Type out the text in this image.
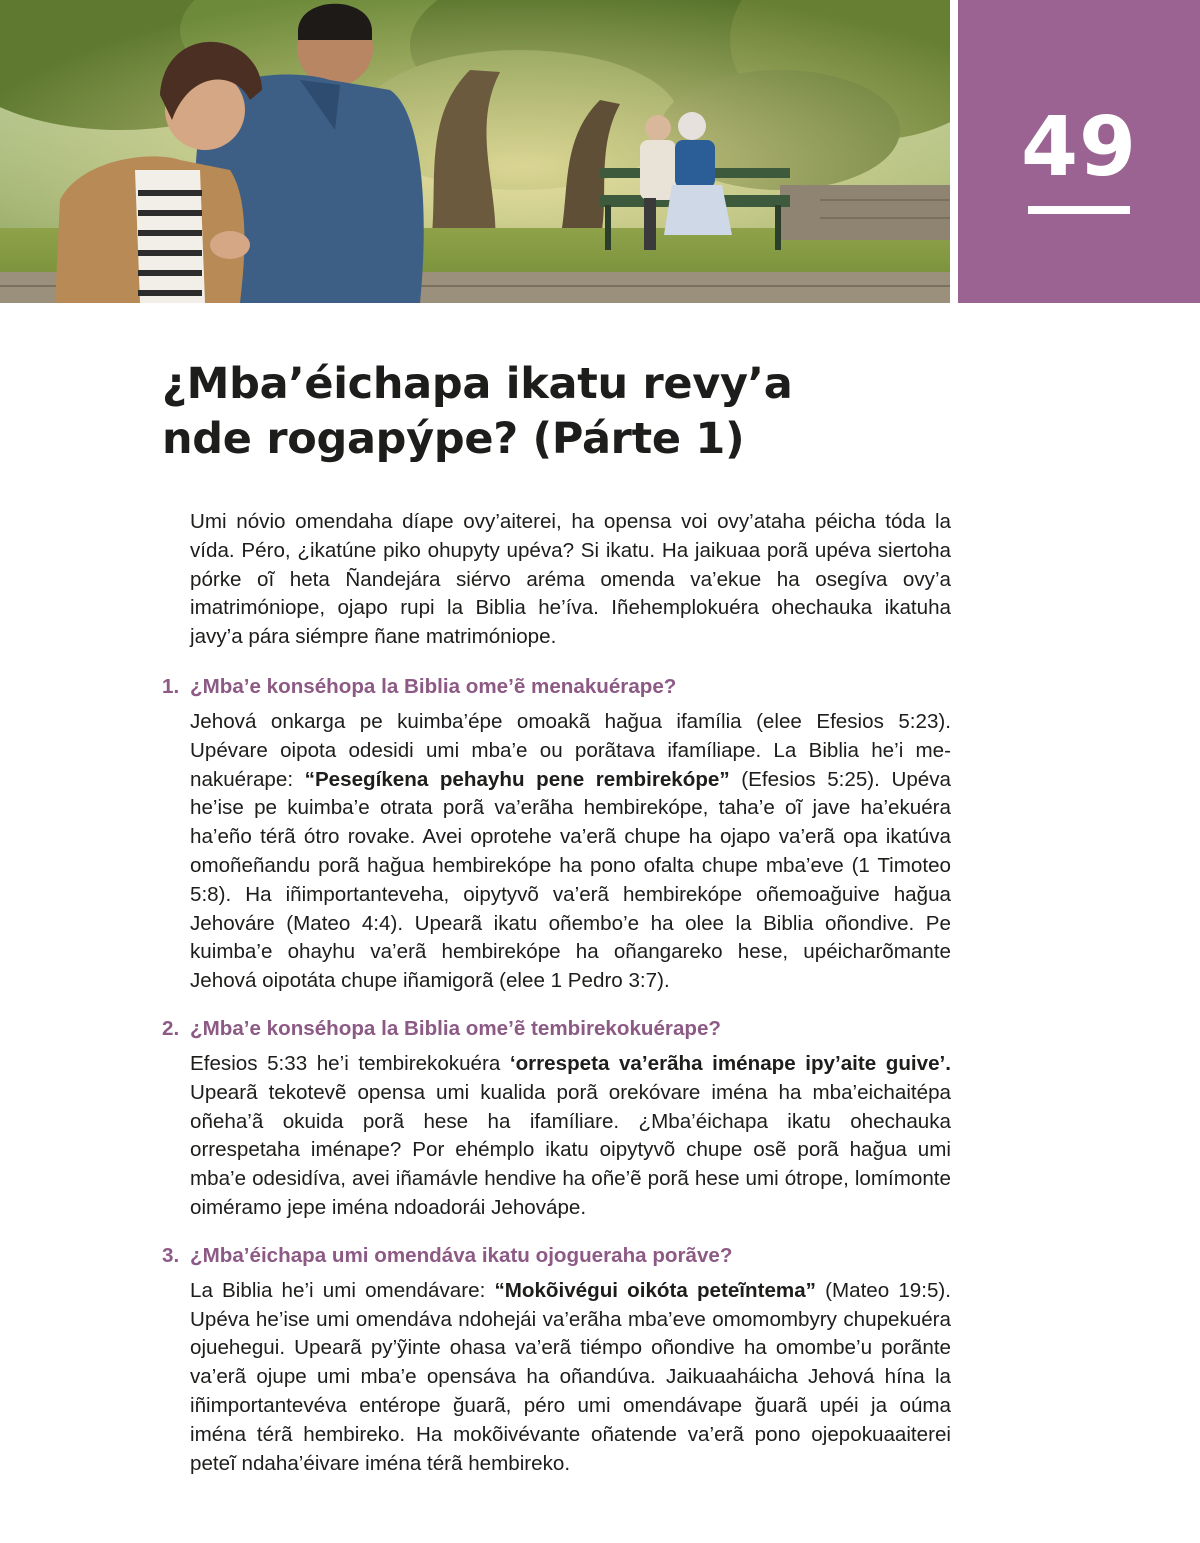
49
¿Mba’éichapa ikatu revy’a
nde rogapýpe? (Párte 1)

Umi nóvio omendaha díape ovy’aiterei, ha opensa voi ovy’ataha péicha tóda la vída. Péro, ¿ikatúne piko ohupyty upéva? Si ikatu. Ha jaikuaa porã upéva siertoha pórke oĩ heta Ñandejára siérvo aréma omenda va’ekue ha osegíva ovy’a imatrimóniope, ojapo rupi la Biblia he’íva. Iñehemplokuéra ohechauka ikatuha javy’a pára siémpre ñane matrimóniope.

1. ¿Mba’e konséhopa la Biblia ome’ẽ menakuérape?

Jehová onkarga pe kuimba’épe omoakã hağua ifamília (elee Efesios 5:23). Upévare oipota odesidi umi mba’e ou porãtava ifamíliape. La Biblia he’i menakuérape: “Pesegíkena pehayhu pene rembirekópe” (Efesios 5:25). Upéva he’ise pe kuimba’e otrata porã va’erãha hembirekópe, taha’e oĩ jave ha’ekuéra ha’eño térã ótro rovake. Avei oprotehe va’erã chupe ha ojapo va’erã opa ikatúva omoñeñandu porã hağua hembirekópe ha pono ofalta chupe mba’eve (1 Timoteo 5:8). Ha iñimportanteveha, oipytyvõ va’erã hembirekópe oñemoağuive hağua Jehováre (Mateo 4:4). Upearã ikatu oñembo’e ha olee la Biblia oñondive. Pe kuimba’e ohayhu va’erã hembirekópe ha oñangareko hese, upéicharõmante Jehová oipotáta chupe iñamigorã (elee 1 Pedro 3:7).

2. ¿Mba’e konséhopa la Biblia ome’ẽ tembirekokuérape?

Efesios 5:33 he’i tembirekokuéra ‘orrespeta va’erãha iménape ipy’aite guive’. Upearã tekotevẽ opensa umi kualida porã orekóvare iména ha mba’eichaitépa oñeha’ã okuida porã hese ha ifamíliare. ¿Mba’éichapa ikatu ohechauka orrespetaha iménape? Por ehémplo ikatu oipytyvõ chupe osẽ porã hağua umi mba’e odesidíva, avei iñamávle hendive ha oñe’ẽ porã hese umi ótrope, lomímonte oiméramo jepe iména ndoadorái Jehovápe.

3. ¿Mba’éichapa umi omendáva ikatu ojogueraha porãve?

La Biblia he’i umi omendávare: “Mokõivégui oikóta peteĩntema” (Mateo 19:5). Upéva he’ise umi omendáva ndohejái va’erãha mba’eve omomombyry chupekuéra ojuehegui. Upearã py’ỹinte ohasa va’erã tiémpo oñondive ha omombe’u porãnte va’erã ojupe umi mba’e opensáva ha oñandúva. Jaikuaaháicha Jehová hína la iñimportantevéva entérope ğuarã, péro umi omendávape ğuarã upéi ja oúma iména térã hembireko. Ha mokõivévante oñatende va’erã pono ojepokuaaiterei peteĩ ndaha’éivare iména térã hembireko.
